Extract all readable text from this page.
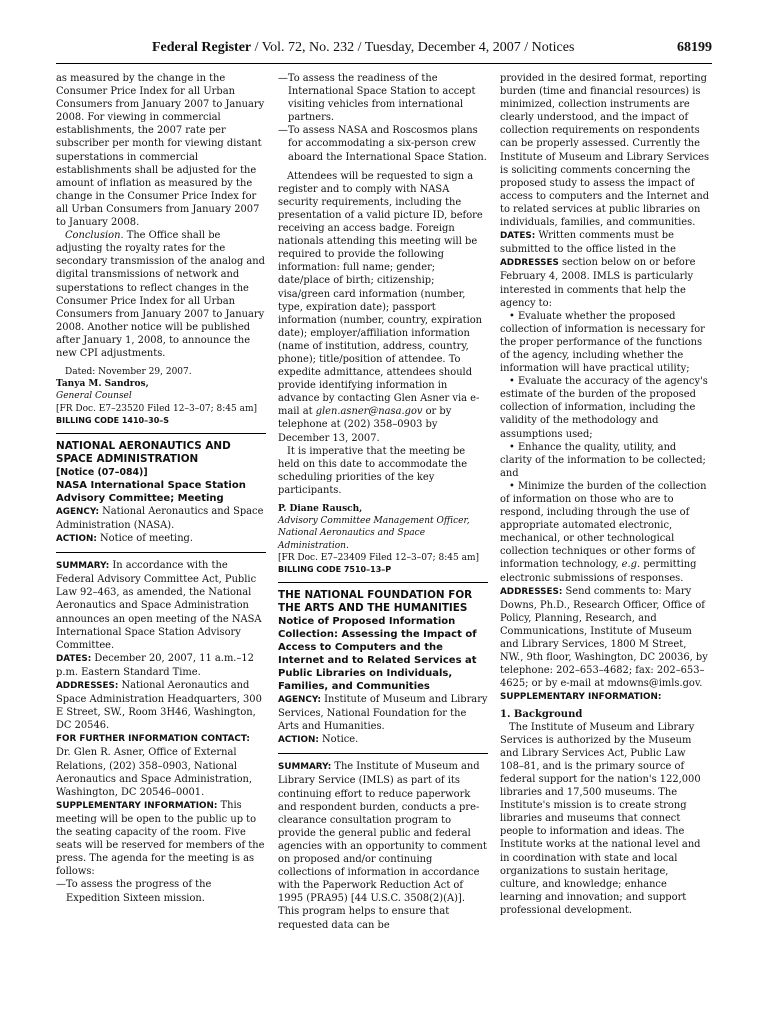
Federal Register / Vol. 72, No. 232 / Tuesday, December 4, 2007 / Notices	68199

as measured by the change in the Consumer Price Index for all Urban Consumers from January 2007 to January 2008. For viewing in commercial establishments, the 2007 rate per subscriber per month for viewing distant superstations in commercial establishments shall be adjusted for the amount of inflation as measured by the change in the Consumer Price Index for all Urban Consumers from January 2007 to January 2008.

Conclusion. The Office shall be adjusting the royalty rates for the secondary transmission of the analog and digital transmissions of network and superstations to reflect changes in the Consumer Price Index for all Urban Consumers from January 2007 to January 2008. Another notice will be published after January 1, 2008, to announce the new CPI adjustments.

Dated: November 29, 2007.

Tanya M. Sandros,

General Counsel

[FR Doc. E7–23520 Filed 12–3–07; 8:45 am]

BILLING CODE 1410–30–S

NATIONAL AERONAUTICS AND SPACE ADMINISTRATION

[Notice (07–084)]

NASA International Space Station Advisory Committee; Meeting

AGENCY: National Aeronautics and Space Administration (NASA).

ACTION: Notice of meeting.

SUMMARY: In accordance with the Federal Advisory Committee Act, Public Law 92–463, as amended, the National Aeronautics and Space Administration announces an open meeting of the NASA International Space Station Advisory Committee.

DATES: December 20, 2007, 11 a.m.–12 p.m. Eastern Standard Time.

ADDRESSES: National Aeronautics and Space Administration Headquarters, 300 E Street, SW., Room 3H46, Washington, DC 20546.

FOR FURTHER INFORMATION CONTACT: Dr. Glen R. Asner, Office of External Relations, (202) 358–0903, National Aeronautics and Space Administration, Washington, DC 20546–0001.

SUPPLEMENTARY INFORMATION: This meeting will be open to the public up to the seating capacity of the room. Five seats will be reserved for members of the press. The agenda for the meeting is as follows:

—To assess the progress of the Expedition Sixteen mission.

—To assess the readiness of the International Space Station to accept visiting vehicles from international partners.

—To assess NASA and Roscosmos plans for accommodating a six-person crew aboard the International Space Station.

Attendees will be requested to sign a register and to comply with NASA security requirements, including the presentation of a valid picture ID, before receiving an access badge. Foreign nationals attending this meeting will be required to provide the following information: full name; gender; date/place of birth; citizenship; visa/green card information (number, type, expiration date); passport information (number, country, expiration date); employer/affiliation information (name of institution, address, country, phone); title/position of attendee. To expedite admittance, attendees should provide identifying information in advance by contacting Glen Asner via e-mail at glen.asner@nasa.gov or by telephone at (202) 358–0903 by December 13, 2007.

It is imperative that the meeting be held on this date to accommodate the scheduling priorities of the key participants.

P. Diane Rausch,

Advisory Committee Management Officer, National Aeronautics and Space Administration.

[FR Doc. E7–23409 Filed 12–3–07; 8:45 am]

BILLING CODE 7510–13–P

THE NATIONAL FOUNDATION FOR THE ARTS AND THE HUMANITIES

Notice of Proposed Information Collection: Assessing the Impact of Access to Computers and the Internet and to Related Services at Public Libraries on Individuals, Families, and Communities

AGENCY: Institute of Museum and Library Services, National Foundation for the Arts and Humanities.

ACTION: Notice.

SUMMARY: The Institute of Museum and Library Service (IMLS) as part of its continuing effort to reduce paperwork and respondent burden, conducts a pre-clearance consultation program to provide the general public and federal agencies with an opportunity to comment on proposed and/or continuing collections of information in accordance with the Paperwork Reduction Act of 1995 (PRA95) [44 U.S.C. 3508(2)(A)]. This program helps to ensure that requested data can be

provided in the desired format, reporting burden (time and financial resources) is minimized, collection instruments are clearly understood, and the impact of collection requirements on respondents can be properly assessed. Currently the Institute of Museum and Library Services is soliciting comments concerning the proposed study to assess the impact of access to computers and the Internet and to related services at public libraries on individuals, families, and communities.

DATES: Written comments must be submitted to the office listed in the ADDRESSES section below on or before February 4, 2008. IMLS is particularly interested in comments that help the agency to:

• Evaluate whether the proposed collection of information is necessary for the proper performance of the functions of the agency, including whether the information will have practical utility;

• Evaluate the accuracy of the agency's estimate of the burden of the proposed collection of information, including the validity of the methodology and assumptions used;

• Enhance the quality, utility, and clarity of the information to be collected; and

• Minimize the burden of the collection of information on those who are to respond, including through the use of appropriate automated electronic, mechanical, or other technological collection techniques or other forms of information technology, e.g. permitting electronic submissions of responses.

ADDRESSES: Send comments to: Mary Downs, Ph.D., Research Officer, Office of Policy, Planning, Research, and Communications, Institute of Museum and Library Services, 1800 M Street, NW., 9th floor, Washington, DC 20036, by telephone: 202–653–4682; fax: 202–653–4625; or by e-mail at mdowns@imls.gov.

SUPPLEMENTARY INFORMATION:

1. Background

The Institute of Museum and Library Services is authorized by the Museum and Library Services Act, Public Law 108–81, and is the primary source of federal support for the nation's 122,000 libraries and 17,500 museums. The Institute's mission is to create strong libraries and museums that connect people to information and ideas. The Institute works at the national level and in coordination with state and local organizations to sustain heritage, culture, and knowledge; enhance learning and innovation; and support professional development.
